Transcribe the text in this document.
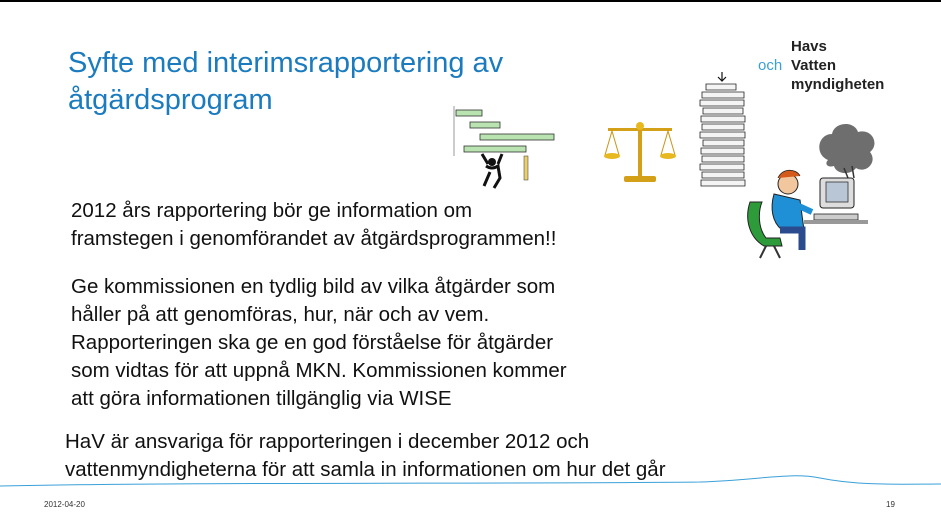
Syfte med interimsrapportering av åtgärdsprogram
Havs
och Vatten
myndigheten
2012 års rapportering bör ge information om
framstegen i genomförandet av åtgärdsprogrammen!!
Ge kommissionen en tydlig bild av vilka åtgärder som
håller på att genomföras, hur, när och av vem.
Rapporteringen ska ge en god förståelse för åtgärder
som vidtas för att uppnå MKN. Kommissionen kommer
att göra informationen tillgänglig via WISE
HaV är ansvariga för rapporteringen i december 2012 och
vattenmyndigheterna för att samla in informationen om hur det går
2012-04-20	19
